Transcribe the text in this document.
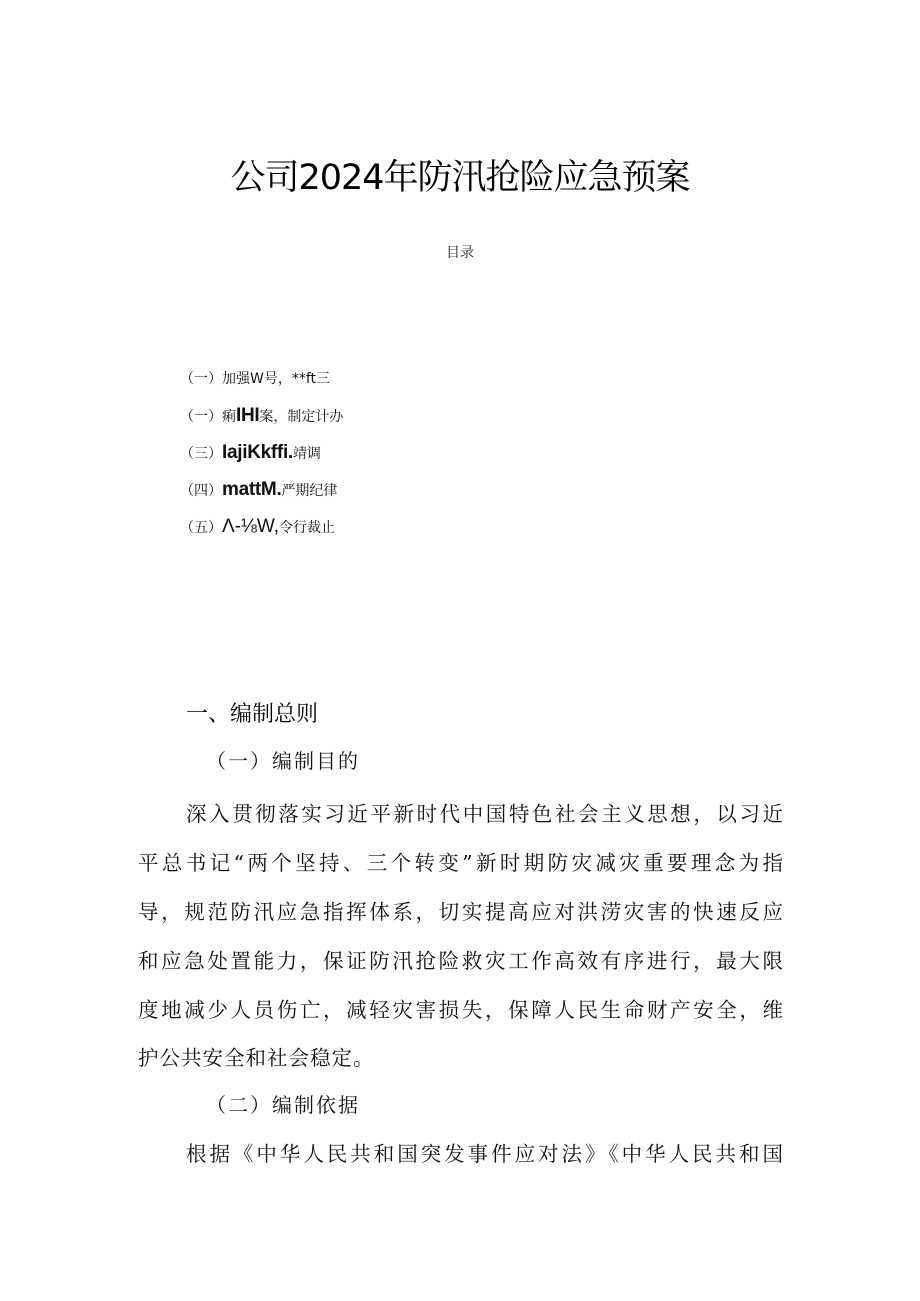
公司2024年防汛抢险应急预案
目录
（一）加强W号，**ft三
（一）痢IHI案，制定计办
（三）IajiKkffi.靖调
（四）mattM.严期纪律
（五）Λ-⅛W,令行裁止
一、编制总则
（一）编制目的
深入贯彻落实习近平新时代中国特色社会主义思想，以习近
平总书记“两个坚持、三个转变”新时期防灾减灾重要理念为指
导，规范防汛应急指挥体系，切实提高应对洪涝灾害的快速反应
和应急处置能力，保证防汛抢险救灾工作高效有序进行，最大限
度地减少人员伤亡，减轻灾害损失，保障人民生命财产安全，维
护公共安全和社会稳定。
（二）编制依据
根据《中华人民共和国突发事件应对法》《中华人民共和国
